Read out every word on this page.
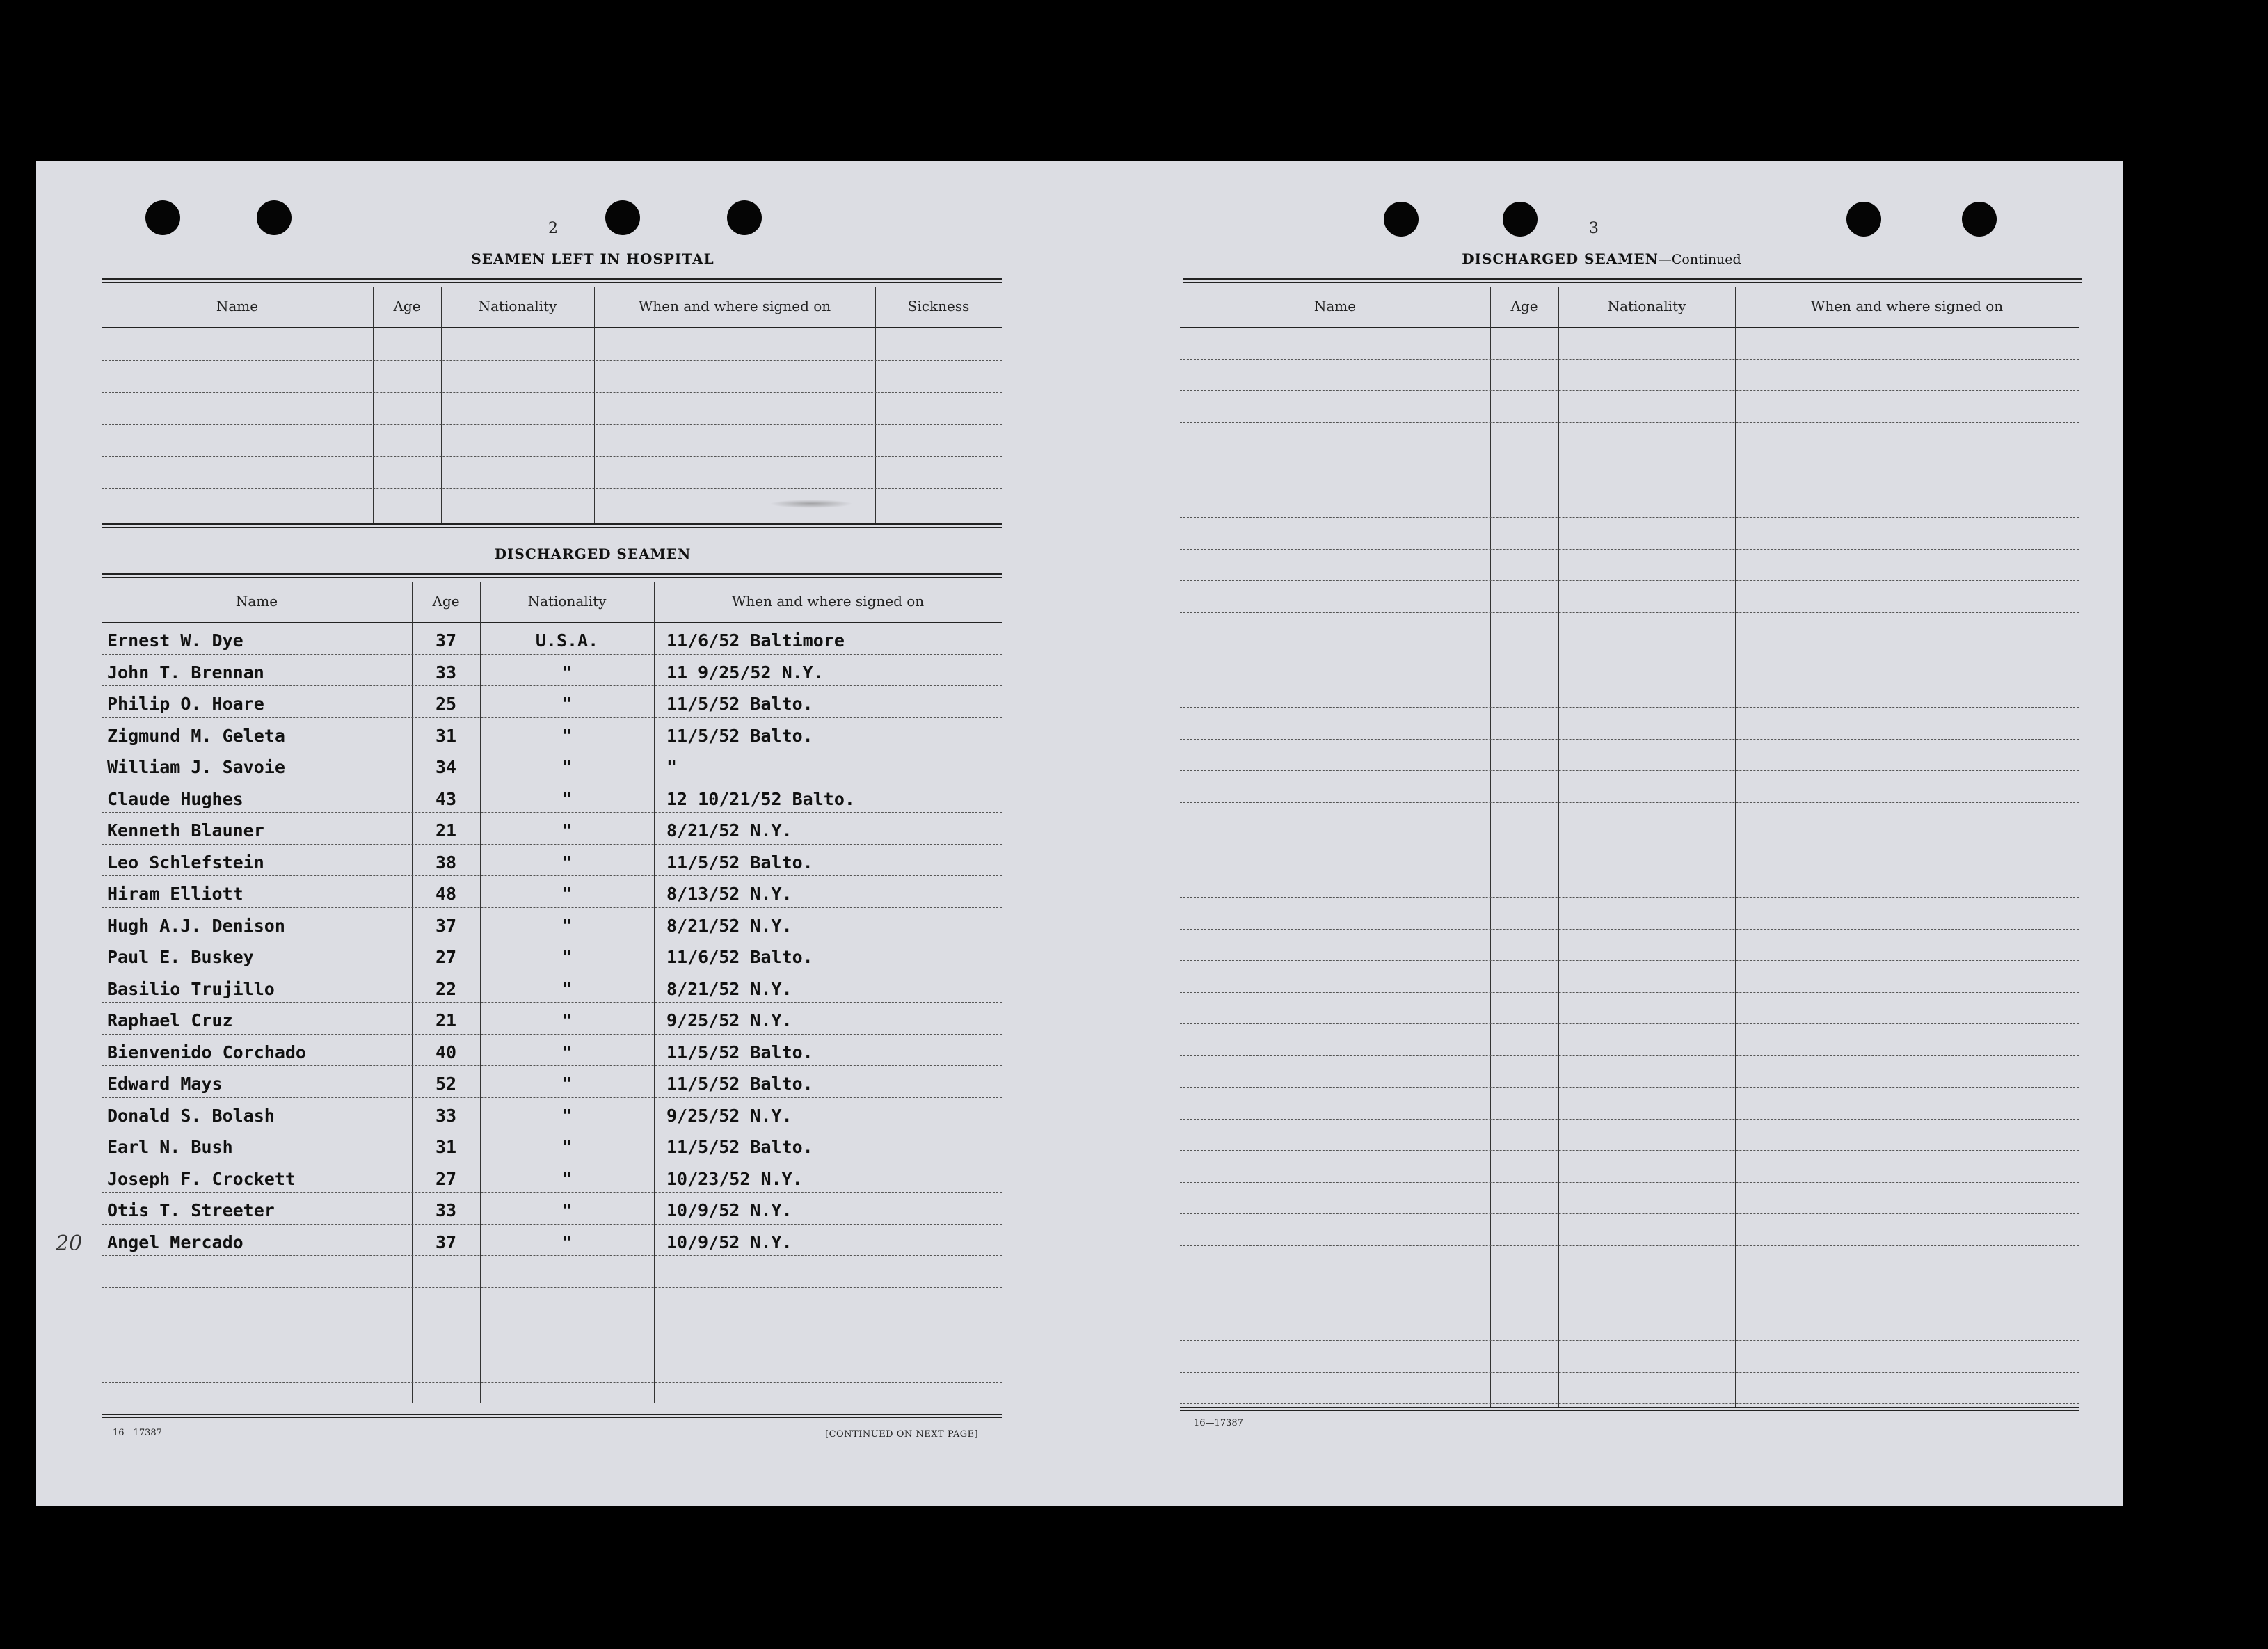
2
SEAMEN LEFT IN HOSPITAL
Name	Age	Nationality	When and where signed on	Sickness
DISCHARGED SEAMEN
Name	Age	Nationality	When and where signed on
Ernest W. Dye	37	U.S.A.	11/6/52 Baltimore
John T. Brennan	33	"	11 9/25/52 N.Y.
Philip O. Hoare	25	"	11/5/52 Balto.
Zigmund M. Geleta	31	"	11/5/52 Balto.
William J. Savoie	34	"	"
Claude Hughes	43	"	12 10/21/52 Balto.
Kenneth Blauner	21	"	8/21/52 N.Y.
Leo Schlefstein	38	"	11/5/52 Balto.
Hiram Elliott	48	"	8/13/52 N.Y.
Hugh A.J. Denison	37	"	8/21/52 N.Y.
Paul E. Buskey	27	"	11/6/52 Balto.
Basilio Trujillo	22	"	8/21/52 N.Y.
Raphael Cruz	21	"	9/25/52 N.Y.
Bienvenido Corchado	40	"	11/5/52 Balto.
Edward Mays	52	"	11/5/52 Balto.
Donald S. Bolash	33	"	9/25/52 N.Y.
Earl N. Bush	31	"	11/5/52 Balto.
Joseph F. Crockett	27	"	10/23/52 N.Y.
Otis T. Streeter	33	"	10/9/52 N.Y.
Angel Mercado	37	"	10/9/52 N.Y.
20
16—17387	[CONTINUED ON NEXT PAGE]
3
DISCHARGED SEAMEN—Continued
Name	Age	Nationality	When and where signed on
16—17387
